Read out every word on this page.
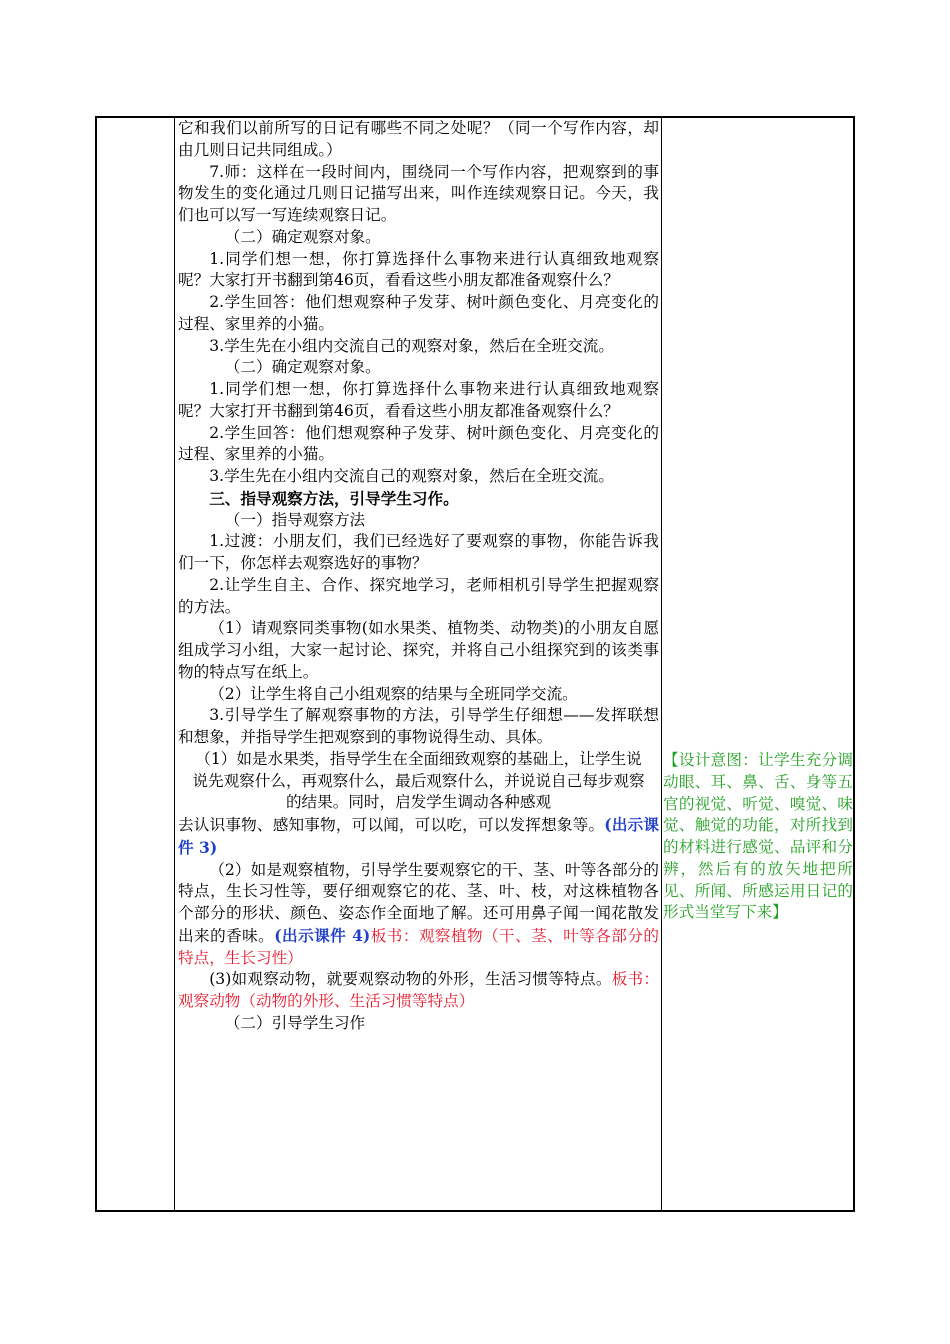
它和我们以前所写的日记有哪些不同之处呢？（同一个写作内容，却由几则日记共同组成。）

7.师：这样在一段时间内，围绕同一个写作内容，把观察到的事物发生的变化通过几则日记描写出来，叫作连续观察日记。今天，我们也可以写一写连续观察日记。

（二）确定观察对象。

1.同学们想一想，你打算选择什么事物来进行认真细致地观察呢？大家打开书翻到第46页，看看这些小朋友都准备观察什么？

2.学生回答：他们想观察种子发芽、树叶颜色变化、月亮变化的过程、家里养的小猫。

3.学生先在小组内交流自己的观察对象，然后在全班交流。

（二）确定观察对象。

1.同学们想一想，你打算选择什么事物来进行认真细致地观察呢？大家打开书翻到第46页，看看这些小朋友都准备观察什么？

2.学生回答：他们想观察种子发芽、树叶颜色变化、月亮变化的过程、家里养的小猫。

3.学生先在小组内交流自己的观察对象，然后在全班交流。

三、指导观察方法，引导学生习作。

（一）指导观察方法

1.过渡：小朋友们，我们已经选好了要观察的事物，你能告诉我们一下，你怎样去观察选好的事物？

2.让学生自主、合作、探究地学习，老师相机引导学生把握观察的方法。

（1）请观察同类事物(如水果类、植物类、动物类)的小朋友自愿组成学习小组，大家一起讨论、探究，并将自己小组探究到的该类事物的特点写在纸上。

（2）让学生将自己小组观察的结果与全班同学交流。

3.引导学生了解观察事物的方法，引导学生仔细想——发挥联想和想象，并指导学生把观察到的事物说得生动、具体。

（1）如是水果类，指导学生在全面细致观察的基础上，让学生说说先观察什么，再观察什么，最后观察什么，并说说自己每步观察的结果。同时，启发学生调动各种感观

去认识事物、感知事物，可以闻，可以吃，可以发挥想象等。(出示课件 3)

（2）如是观察植物，引导学生要观察它的干、茎、叶等各部分的特点，生长习性等，要仔细观察它的花、茎、叶、枝，对这株植物各个部分的形状、颜色、姿态作全面地了解。还可用鼻子闻一闻花散发出来的香味。(出示课件 4)板书：观察植物（干、茎、叶等各部分的特点，生长习性）

(3)如观察动物，就要观察动物的外形，生活习惯等特点。板书：观察动物（动物的外形、生活习惯等特点）

（二）引导学生习作

【设计意图：让学生充分调动眼、耳、鼻、舌、身等五官的视觉、听觉、嗅觉、味觉、触觉的功能，对所找到的材料进行感觉、品评和分辨，然后有的放矢地把所见、所闻、所感运用日记的形式当堂写下来】
